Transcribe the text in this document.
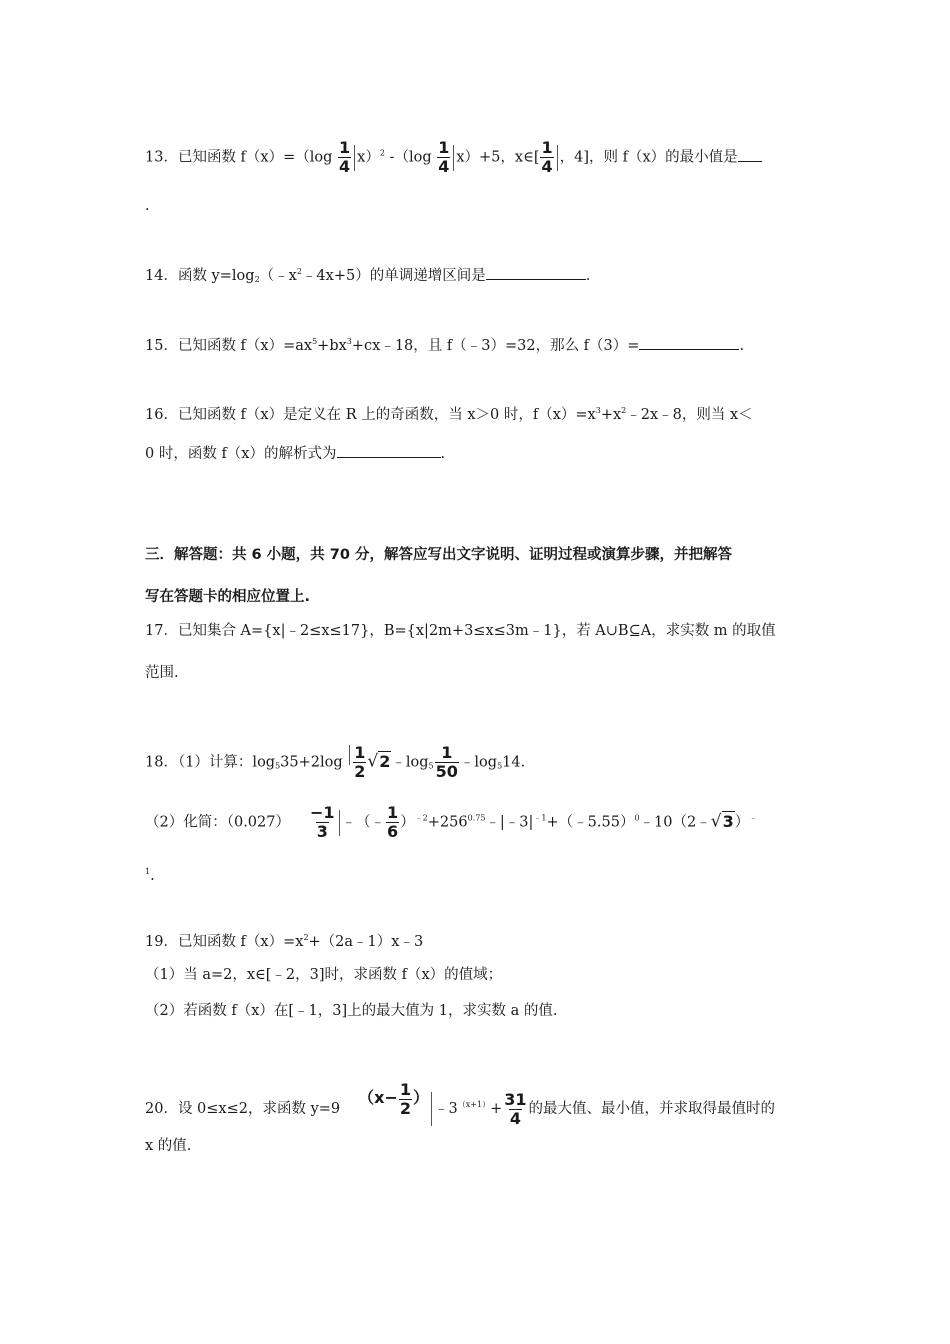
13．已知函数 $f(x)=(\log \frac{1}{4} x)^2$ $-(\log \frac{1}{4} x)+5$，x∈[ $\frac{1}{4}$ ，4]，则 f（x）的最小值是
.
14．函数 $y=\log_2(﹣x^2﹣4x+5)$的单调递增区间是	.
15．已知函数 $f(x)=ax^5+bx^3+cx﹣18$，且 f（﹣3）=32，那么 f（3）=	.
16．已知函数 f（x）是定义在 R 上的奇函数，当 x＞0 时，$f(x)=x^3+x^2﹣2x﹣8$，则当 x＜
0 时，函数 f（x）的解析式为	.
三．解答题：共 6 小题，共 70 分，解答应写出文字说明、证明过程或演算步骤，并把解答
写在答题卡的相应位置上.
17．已知集合 A={x|﹣2≤x≤17}，B={x|2m+3≤x≤3m﹣1}，若 A∪B⊆A，求实数 m 的取值
范围.
18．（1）计算：$\log_535+2\log \frac{1}{2}$ $√2﹣\log_5 \frac{1}{50}$ $﹣\log_514$.
（2）化简：$(0.027) \frac{-1}{3}$ ﹣（﹣ $\frac{1}{6}$ ）$^{﹣2}+256^{0.75}﹣|﹣3|^{﹣1}+(﹣5.55)^0﹣10(2﹣√3)^﹣$
$^1$.
19．已知函数 $f(x)=x^2+(2a﹣1)x﹣3$
（1）当 a=2，x∈[﹣2，3]时，求函数 f（x）的值域；
（2）若函数 f（x）在[﹣1，3]上的最大值为 1，求实数 a 的值.
20．设 0≤x≤2，求函数 $y=9(x- \frac{1}{2}$ ）$﹣3^{(x+1)}+ \frac{31}{4}$ 的最大值、最小值，并求取得最值时的
x 的值.
